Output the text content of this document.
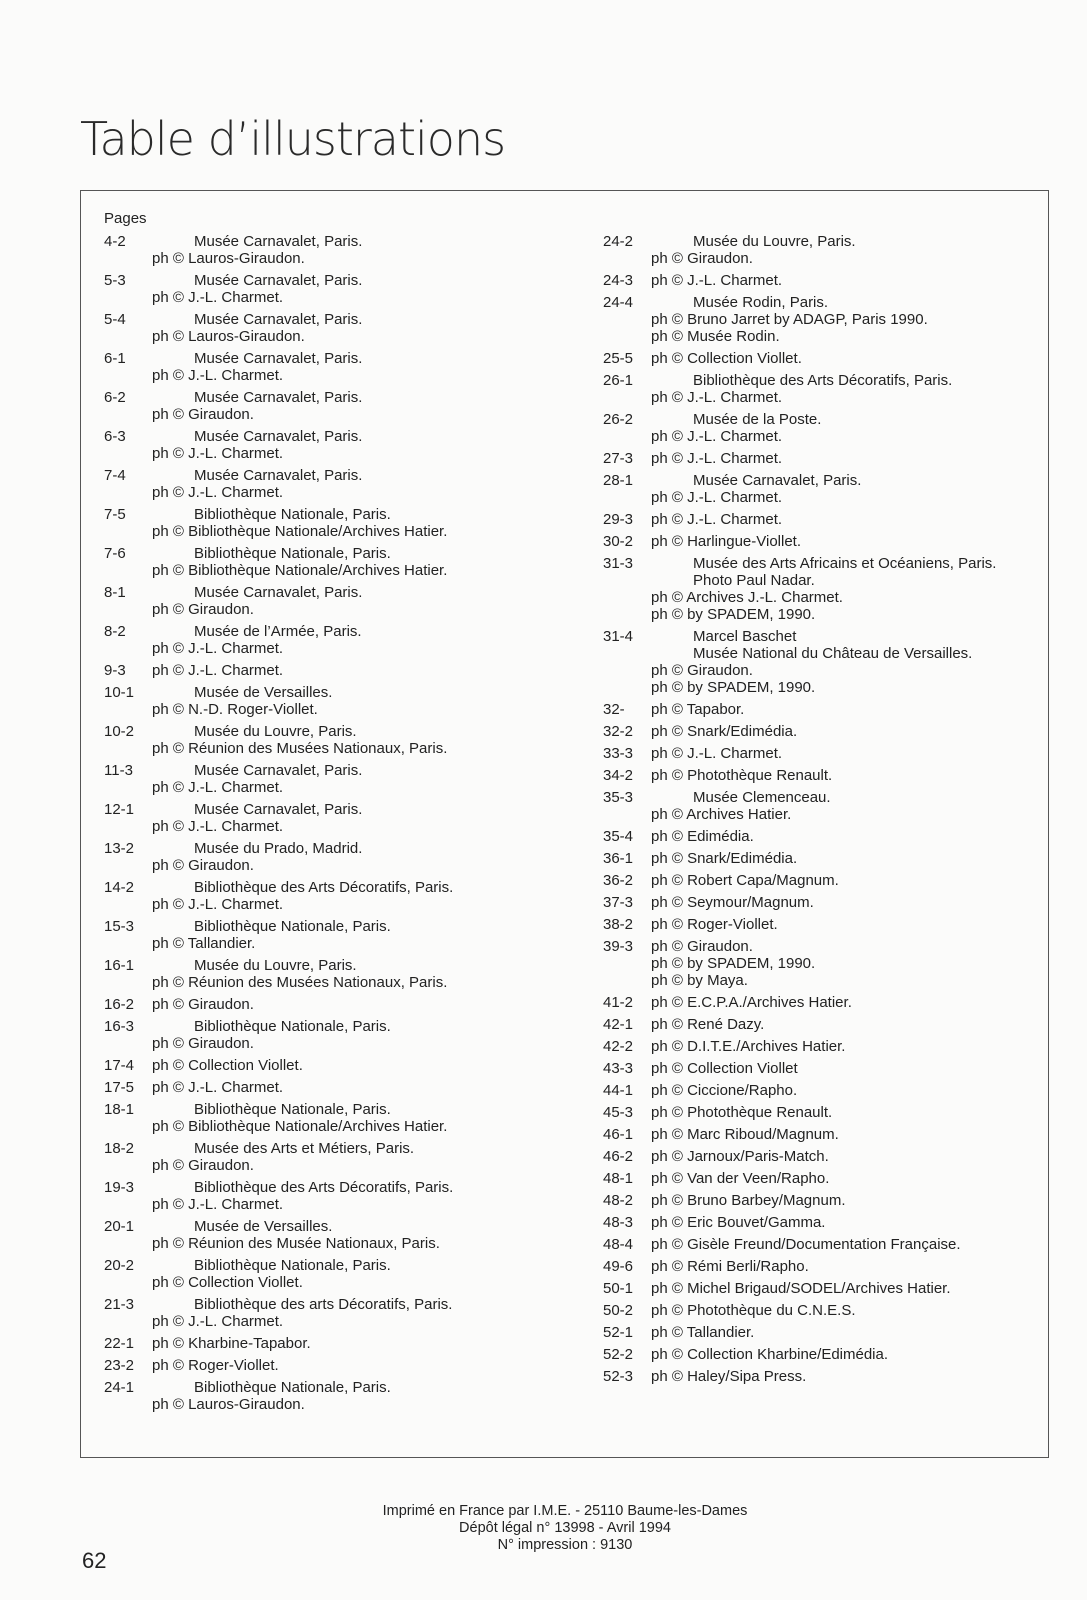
Table d’illustrations
Pages
4-2	Musée Carnavalet, Paris.
ph © Lauros-Giraudon.
5-3	Musée Carnavalet, Paris.
ph © J.-L. Charmet.
5-4	Musée Carnavalet, Paris.
ph © Lauros-Giraudon.
6-1	Musée Carnavalet, Paris.
ph © J.-L. Charmet.
6-2	Musée Carnavalet, Paris.
ph © Giraudon.
6-3	Musée Carnavalet, Paris.
ph © J.-L. Charmet.
7-4	Musée Carnavalet, Paris.
ph © J.-L. Charmet.
7-5	Bibliothèque Nationale, Paris.
ph © Bibliothèque Nationale/Archives Hatier.
7-6	Bibliothèque Nationale, Paris.
ph © Bibliothèque Nationale/Archives Hatier.
8-1	Musée Carnavalet, Paris.
ph © Giraudon.
8-2	Musée de l’Armée, Paris.
ph © J.-L. Charmet.
9-3	ph © J.-L. Charmet.
10-1	Musée de Versailles.
ph © N.-D. Roger-Viollet.
10-2	Musée du Louvre, Paris.
ph © Réunion des Musées Nationaux, Paris.
11-3	Musée Carnavalet, Paris.
ph © J.-L. Charmet.
12-1	Musée Carnavalet, Paris.
ph © J.-L. Charmet.
13-2	Musée du Prado, Madrid.
ph © Giraudon.
14-2	Bibliothèque des Arts Décoratifs, Paris.
ph © J.-L. Charmet.
15-3	Bibliothèque Nationale, Paris.
ph © Tallandier.
16-1	Musée du Louvre, Paris.
ph © Réunion des Musées Nationaux, Paris.
16-2	ph © Giraudon.
16-3	Bibliothèque Nationale, Paris.
ph © Giraudon.
17-4	ph © Collection Viollet.
17-5	ph © J.-L. Charmet.
18-1	Bibliothèque Nationale, Paris.
ph © Bibliothèque Nationale/Archives Hatier.
18-2	Musée des Arts et Métiers, Paris.
ph © Giraudon.
19-3	Bibliothèque des Arts Décoratifs, Paris.
ph © J.-L. Charmet.
20-1	Musée de Versailles.
ph © Réunion des Musée Nationaux, Paris.
20-2	Bibliothèque Nationale, Paris.
ph © Collection Viollet.
21-3	Bibliothèque des arts Décoratifs, Paris.
ph © J.-L. Charmet.
22-1	ph © Kharbine-Tapabor.
23-2	ph © Roger-Viollet.
24-1	Bibliothèque Nationale, Paris.
ph © Lauros-Giraudon.
24-2	Musée du Louvre, Paris.
ph © Giraudon.
24-3	ph © J.-L. Charmet.
24-4	Musée Rodin, Paris.
ph © Bruno Jarret by ADAGP, Paris 1990.
ph © Musée Rodin.
25-5	ph © Collection Viollet.
26-1	Bibliothèque des Arts Décoratifs, Paris.
ph © J.-L. Charmet.
26-2	Musée de la Poste.
ph © J.-L. Charmet.
27-3	ph © J.-L. Charmet.
28-1	Musée Carnavalet, Paris.
ph © J.-L. Charmet.
29-3	ph © J.-L. Charmet.
30-2	ph © Harlingue-Viollet.
31-3	Musée des Arts Africains et Océaniens, Paris.
Photo Paul Nadar.
ph © Archives J.-L. Charmet.
ph © by SPADEM, 1990.
31-4	Marcel Baschet
Musée National du Château de Versailles.
ph © Giraudon.
ph © by SPADEM, 1990.
32-	ph © Tapabor.
32-2	ph © Snark/Edimédia.
33-3	ph © J.-L. Charmet.
34-2	ph © Photothèque Renault.
35-3	Musée Clemenceau.
ph © Archives Hatier.
35-4	ph © Edimédia.
36-1	ph © Snark/Edimédia.
36-2	ph © Robert Capa/Magnum.
37-3	ph © Seymour/Magnum.
38-2	ph © Roger-Viollet.
39-3	ph © Giraudon.
ph © by SPADEM, 1990.
ph © by Maya.
41-2	ph © E.C.P.A./Archives Hatier.
42-1	ph © René Dazy.
42-2	ph © D.I.T.E./Archives Hatier.
43-3	ph © Collection Viollet
44-1	ph © Ciccione/Rapho.
45-3	ph © Photothèque Renault.
46-1	ph © Marc Riboud/Magnum.
46-2	ph © Jarnoux/Paris-Match.
48-1	ph © Van der Veen/Rapho.
48-2	ph © Bruno Barbey/Magnum.
48-3	ph © Eric Bouvet/Gamma.
48-4	ph © Gisèle Freund/Documentation Française.
49-6	ph © Rémi Berli/Rapho.
50-1	ph © Michel Brigaud/SODEL/Archives Hatier.
50-2	ph © Photothèque du C.N.E.S.
52-1	ph © Tallandier.
52-2	ph © Collection Kharbine/Edimédia.
52-3	ph © Haley/Sipa Press.
Imprimé en France par I.M.E. - 25110 Baume-les-Dames
Dépôt légal n° 13998 - Avril 1994
N° impression : 9130
62
